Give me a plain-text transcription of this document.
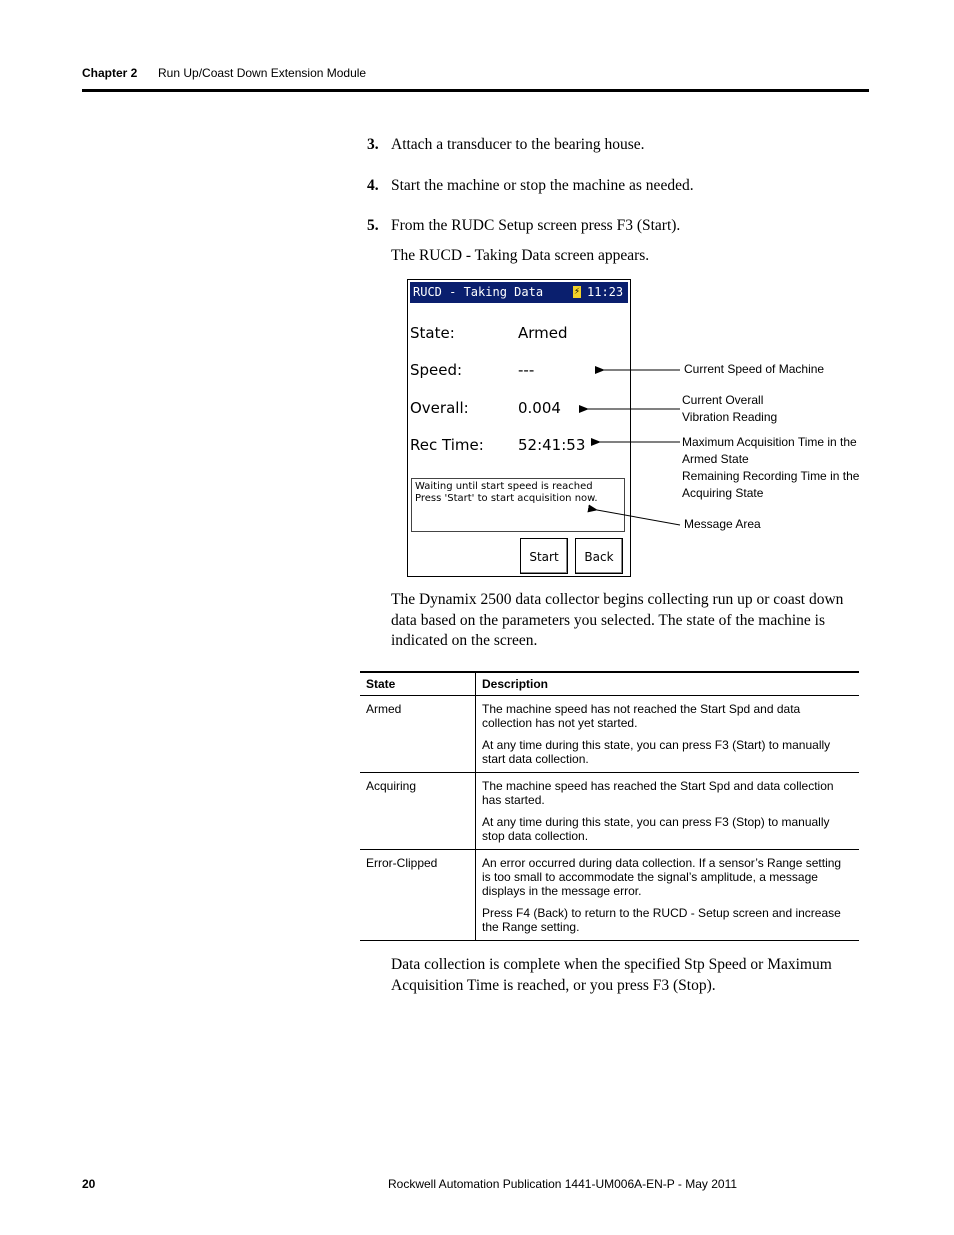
Chapter 2 Run Up/Coast Down Extension Module
3. Attach a transducer to the bearing house.
4. Start the machine or stop the machine as needed.
5. From the RUDC Setup screen press F3 (Start).
The RUCD - Taking Data screen appears.
RUCD - Taking Data	⚡ 11:23
State:	Armed
Speed:	---
Overall:	0.004
Rec Time: 52:41:53
Waiting until start speed is reached
Press 'Start' to start acquisition now.
Start	Back
Current Speed of Machine
Current Overall
Vibration Reading
Maximum Acquisition Time in the
Armed State
Remaining Recording Time in the
Acquiring State
Message Area
The Dynamix 2500 data collector begins collecting run up or coast down data based on the parameters you selected. The state of the machine is indicated on the screen.
State	Description
Armed	The machine speed has not reached the Start Spd and data collection has not yet started.

At any time during this state, you can press F3 (Start) to manually start data collection.

Acquiring	The machine speed has reached the Start Spd and data collection has started.

At any time during this state, you can press F3 (Stop) to manually stop data collection.

Error-Clipped	An error occurred during data collection. If a sensor’s Range setting is too small to accommodate the signal’s amplitude, a message displays in the message error.

Press F4 (Back) to return to the RUCD - Setup screen and increase the Range setting.

Data collection is complete when the specified Stp Speed or Maximum Acquisition Time is reached, or you press F3 (Stop).
20	Rockwell Automation Publication 1441-UM006A-EN-P - May 2011
